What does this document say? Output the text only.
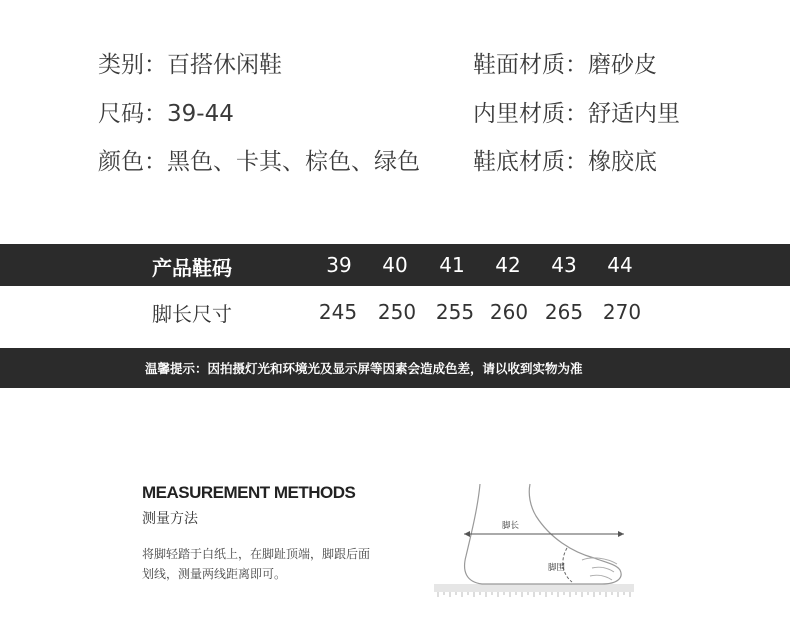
类别：百搭休闲鞋
尺码：39-44
颜色：黑色、卡其、棕色、绿色
鞋面材质：磨砂皮
内里材质：舒适内里
鞋底材质：橡胶底
产品鞋码	39	40	41	42	43	44
脚长尺寸	245	250 255 260 265 270
温馨提示：因拍摄灯光和环境光及显示屏等因素会造成色差，请以收到实物为准
MEASUREMENT METHODS
测量方法
将脚轻踏于白纸上，在脚趾顶端，脚跟后面
划线，测量两线距离即可。
脚长
脚围
